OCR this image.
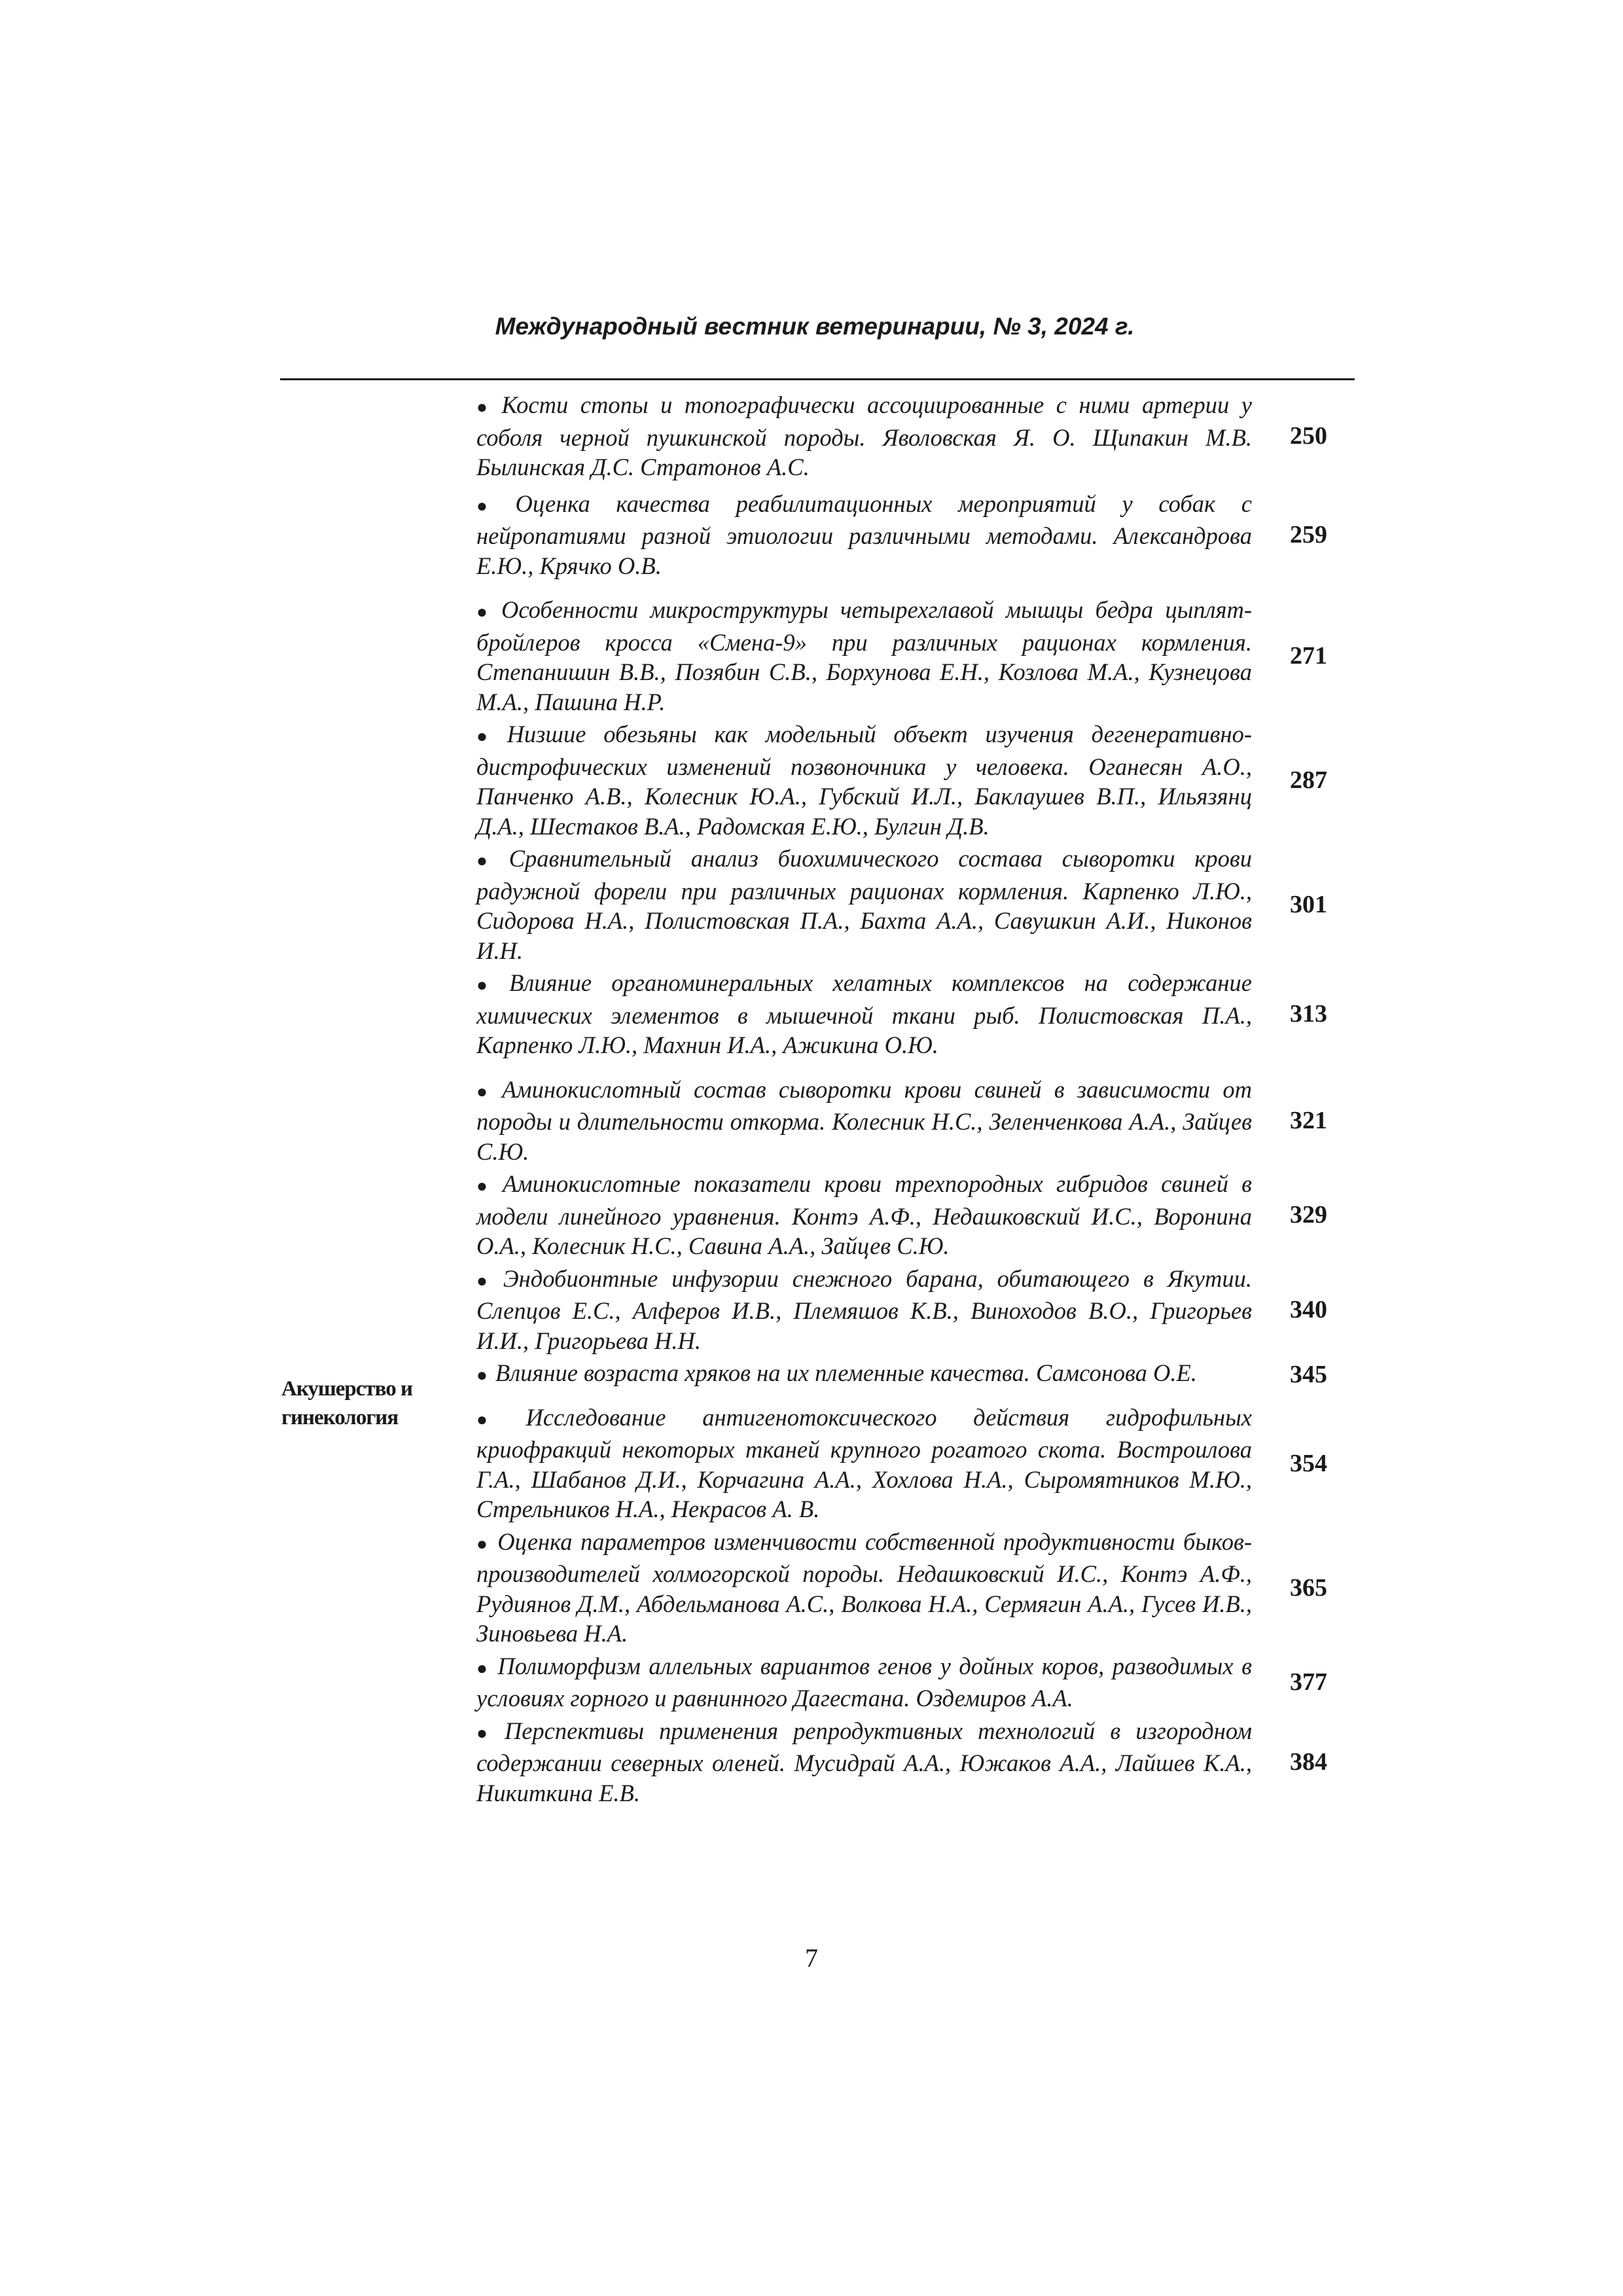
Международный вестник ветеринарии, № 3, 2024 г.
Акушерство и гинекология
● Кости стопы и топографически ассоциированные с ними артерии у соболя черной пушкинской породы. Яволовская Я. О. Щипакин М.В. Былинская Д.С. Стратонов А.С.
250
● Оценка качества реабилитационных мероприятий у собак с нейропатиями разной этиологии различными методами. Александрова Е.Ю., Крячко О.В.
259
● Особенности микроструктуры четырехглавой мышцы бедра цыплят-бройлеров кросса «Смена-9» при различных рационах кормления. Степанишин В.В., Позябин С.В., Борхунова Е.Н., Козлова М.А., Кузнецова М.А., Пашина Н.Р.
271
● Низшие обезьяны как модельный объект изучения дегенеративно-дистрофических изменений позвоночника у человека. Оганесян А.О., Панченко А.В., Колесник Ю.А., Губский И.Л., Баклаушев В.П., Ильязянц Д.А., Шестаков В.А., Радомская Е.Ю., Булгин Д.В.
287
● Сравнительный анализ биохимического состава сыворотки крови радужной форели при различных рационах кормления. Карпенко Л.Ю., Сидорова Н.А., Полистовская П.А., Бахта А.А., Савушкин А.И., Никонов И.Н.
301
● Влияние органоминеральных хелатных комплексов на содержание химических элементов в мышечной ткани рыб. Полистовская П.А., Карпенко Л.Ю., Махнин И.А., Ажикина О.Ю.
313
● Аминокислотный состав сыворотки крови свиней в зависимости от породы и длительности откорма. Колесник Н.С., Зеленченкова А.А., Зайцев С.Ю.
321
● Аминокислотные показатели крови трехпородных гибридов свиней в модели линейного уравнения. Контэ А.Ф., Недашковский И.С., Воронина О.А., Колесник Н.С., Савина А.А., Зайцев С.Ю.
329
● Эндобионтные инфузории снежного барана, обитающего в Якутии. Слепцов Е.С., Алферов И.В., Племяшов К.В., Виноходов В.О., Григорьев И.И., Григорьева Н.Н.
340
● Влияние возраста хряков на их племенные качества. Самсонова О.Е.	345
● Исследование антигенотоксического действия гидрофильных криофракций некоторых тканей крупного рогатого скота. Востроилова Г.А., Шабанов Д.И., Корчагина А.А., Хохлова Н.А., Сыромятников М.Ю., Стрельников Н.А., Некрасов А. В.
354
● Оценка параметров изменчивости собственной продуктивности быков-производителей холмогорской породы. Недашковский И.С., Контэ А.Ф., Рудиянов Д.М., Абдельманова А.С., Волкова Н.А., Сермягин А.А., Гусев И.В., Зиновьева Н.А.
365
● Полиморфизм аллельных вариантов генов у дойных коров, разводимых в условиях горного и равнинного Дагестана. Оздемиров А.А.
377
● Перспективы применения репродуктивных технологий в изгородном содержании северных оленей. Мусидрай А.А., Южаков А.А., Лайшев К.А., Никиткина Е.В.
384
7
